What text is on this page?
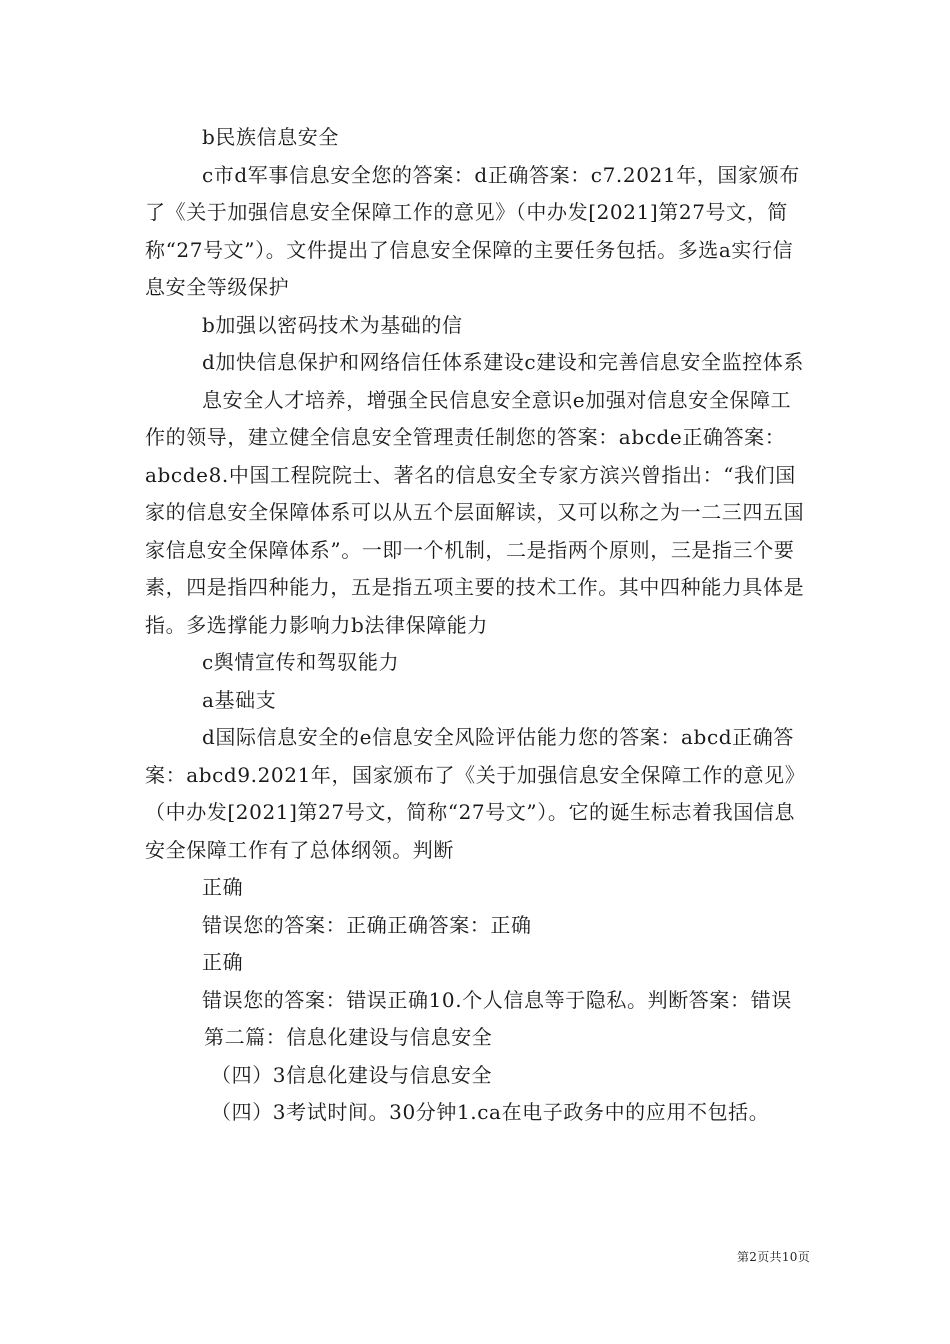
b民族信息安全

c市d军事信息安全您的答案：d正确答案：c7.2021年，国家颁布了《关于加强信息安全保障工作的意见》（中办发[2021]第27号文，简称“27号文”）。文件提出了信息安全保障的主要任务包括。多选a实行信息安全等级保护

b加强以密码技术为基础的信

d加快信息保护和网络信任体系建设c建设和完善信息安全监控体系

息安全人才培养，增强全民信息安全意识e加强对信息安全保障工作的领导，建立健全信息安全管理责任制您的答案：abcde正确答案：abcde8.中国工程院院士、著名的信息安全专家方滨兴曾指出：“我们国家的信息安全保障体系可以从五个层面解读，又可以称之为一二三四五国家信息安全保障体系”。一即一个机制，二是指两个原则，三是指三个要素，四是指四种能力，五是指五项主要的技术工作。其中四种能力具体是指。多选撑能力影响力b法律保障能力

c舆情宣传和驾驭能力

a基础支

d国际信息安全的e信息安全风险评估能力您的答案：abcd正确答案：abcd9.2021年，国家颁布了《关于加强信息安全保障工作的意见》（中办发[2021]第27号文，简称“27号文”）。它的诞生标志着我国信息安全保障工作有了总体纲领。判断

正确

错误您的答案：正确正确答案：正确

正确

错误您的答案：错误正确10.个人信息等于隐私。判断答案：错误

第二篇：信息化建设与信息安全

（四）3信息化建设与信息安全

（四）3考试时间。30分钟1.ca在电子政务中的应用不包括。

第2页共10页
